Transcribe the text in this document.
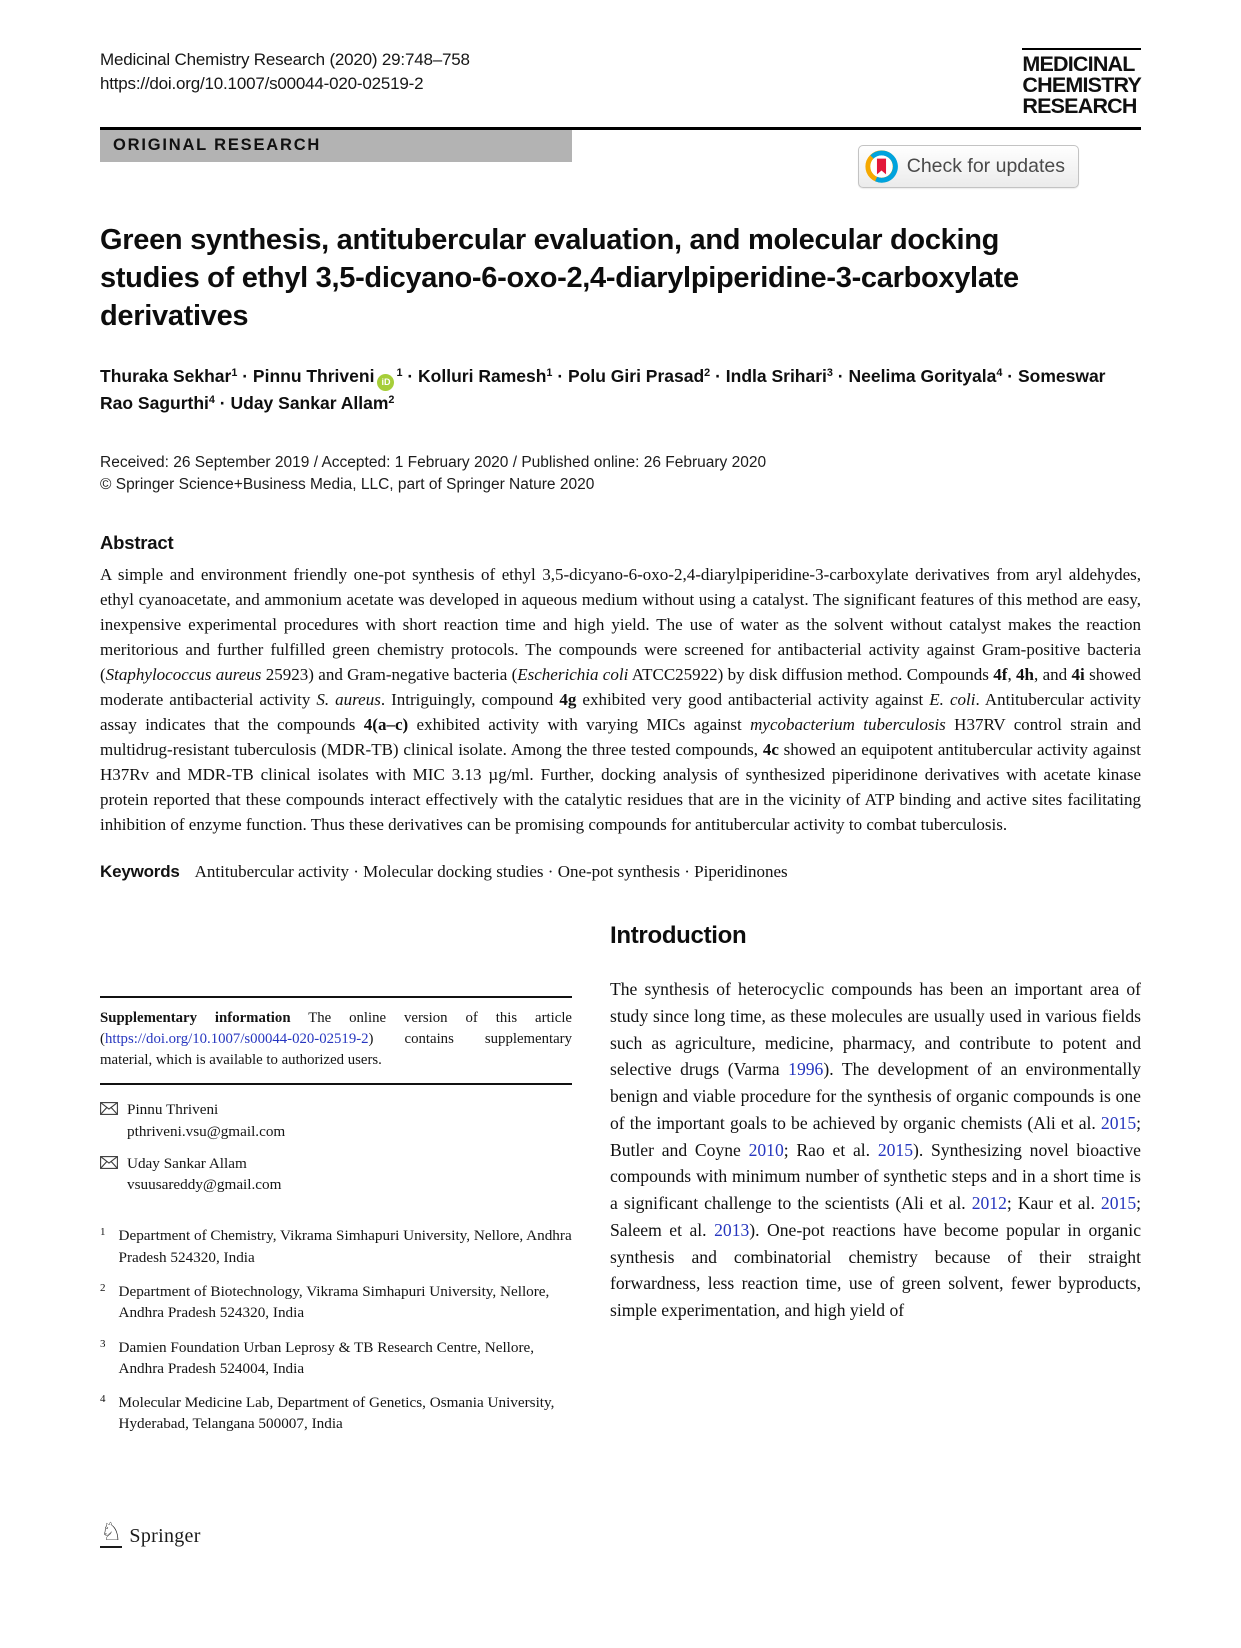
Medicinal Chemistry Research (2020) 29:748–758
https://doi.org/10.1007/s00044-020-02519-2
MEDICINAL
CHEMISTRY
RESEARCH
ORIGINAL RESEARCH
Check for updates
Green synthesis, antitubercular evaluation, and molecular docking studies of ethyl 3,5-dicyano-6-oxo-2,4-diarylpiperidine-3-carboxylate derivatives

Thuraka Sekhar$^1$ · Pinnu Thriveni $iD^1$ · Kolluri Ramesh$^1$ · Polu Giri Prasad$^2$ · Indla Srihari$^3$ · Neelima Gorityala$^4$ · Someswar Rao Sagurthi$^4$ · Uday Sankar Allam$^2$

Received: 26 September 2019 / Accepted: 1 February 2020 / Published online: 26 February 2020

© Springer Science+Business Media, LLC, part of Springer Nature 2020

Abstract

A simple and environment friendly one-pot synthesis of ethyl 3,5-dicyano-6-oxo-2,4-diarylpiperidine-3-carboxylate derivatives from aryl aldehydes, ethyl cyanoacetate, and ammonium acetate was developed in aqueous medium without using a catalyst. The significant features of this method are easy, inexpensive experimental procedures with short reaction time and high yield. The use of water as the solvent without catalyst makes the reaction meritorious and further fulfilled green chemistry protocols. The compounds were screened for antibacterial activity against Gram-positive bacteria (Staphylococcus aureus 25923) and Gram-negative bacteria (Escherichia coli ATCC25922) by disk diffusion method. Compounds 4f, 4h, and 4i showed moderate antibacterial activity S. aureus. Intriguingly, compound 4g exhibited very good antibacterial activity against E. coli. Antitubercular activity assay indicates that the compounds 4(a–c) exhibited activity with varying MICs against mycobacterium tuberculosis H37RV control strain and multidrug-resistant tuberculosis (MDR-TB) clinical isolate. Among the three tested compounds, 4c showed an equipotent antitubercular activity against H37Rv and MDR-TB clinical isolates with MIC 3.13 µg/ml. Further, docking analysis of synthesized piperidinone derivatives with acetate kinase protein reported that these compounds interact effectively with the catalytic residues that are in the vicinity of ATP binding and active sites facilitating inhibition of enzyme function. Thus these derivatives can be promising compounds for antitubercular activity to combat tuberculosis.

Keywords Antitubercular activity · Molecular docking studies · One-pot synthesis · Piperidinones

Supplementary information The online version of this article (https://doi.org/10.1007/s00044-020-02519-2) contains supplementary material, which is available to authorized users.

Pinnu Thriveni
pthriveni.vsu@gmail.com
Uday Sankar Allam
vsuusareddy@gmail.com
1 Department of Chemistry, Vikrama Simhapuri University, Nellore, Andhra Pradesh 524320, India
2 Department of Biotechnology, Vikrama Simhapuri University, Nellore, Andhra Pradesh 524320, India
3 Damien Foundation Urban Leprosy & TB Research Centre, Nellore, Andhra Pradesh 524004, India
4 Molecular Medicine Lab, Department of Genetics, Osmania University, Hyderabad, Telangana 500007, India
Introduction

The synthesis of heterocyclic compounds has been an important area of study since long time, as these molecules are usually used in various fields such as agriculture, medicine, pharmacy, and contribute to potent and selective drugs (Varma 1996). The development of an environmentally benign and viable procedure for the synthesis of organic compounds is one of the important goals to be achieved by organic chemists (Ali et al. 2015; Butler and Coyne 2010; Rao et al. 2015). Synthesizing novel bioactive compounds with minimum number of synthetic steps and in a short time is a significant challenge to the scientists (Ali et al. 2012; Kaur et al. 2015; Saleem et al. 2013). One-pot reactions have become popular in organic synthesis and combinatorial chemistry because of their straight forwardness, less reaction time, use of green solvent, fewer byproducts, simple experimentation, and high yield of

♘ Springer
